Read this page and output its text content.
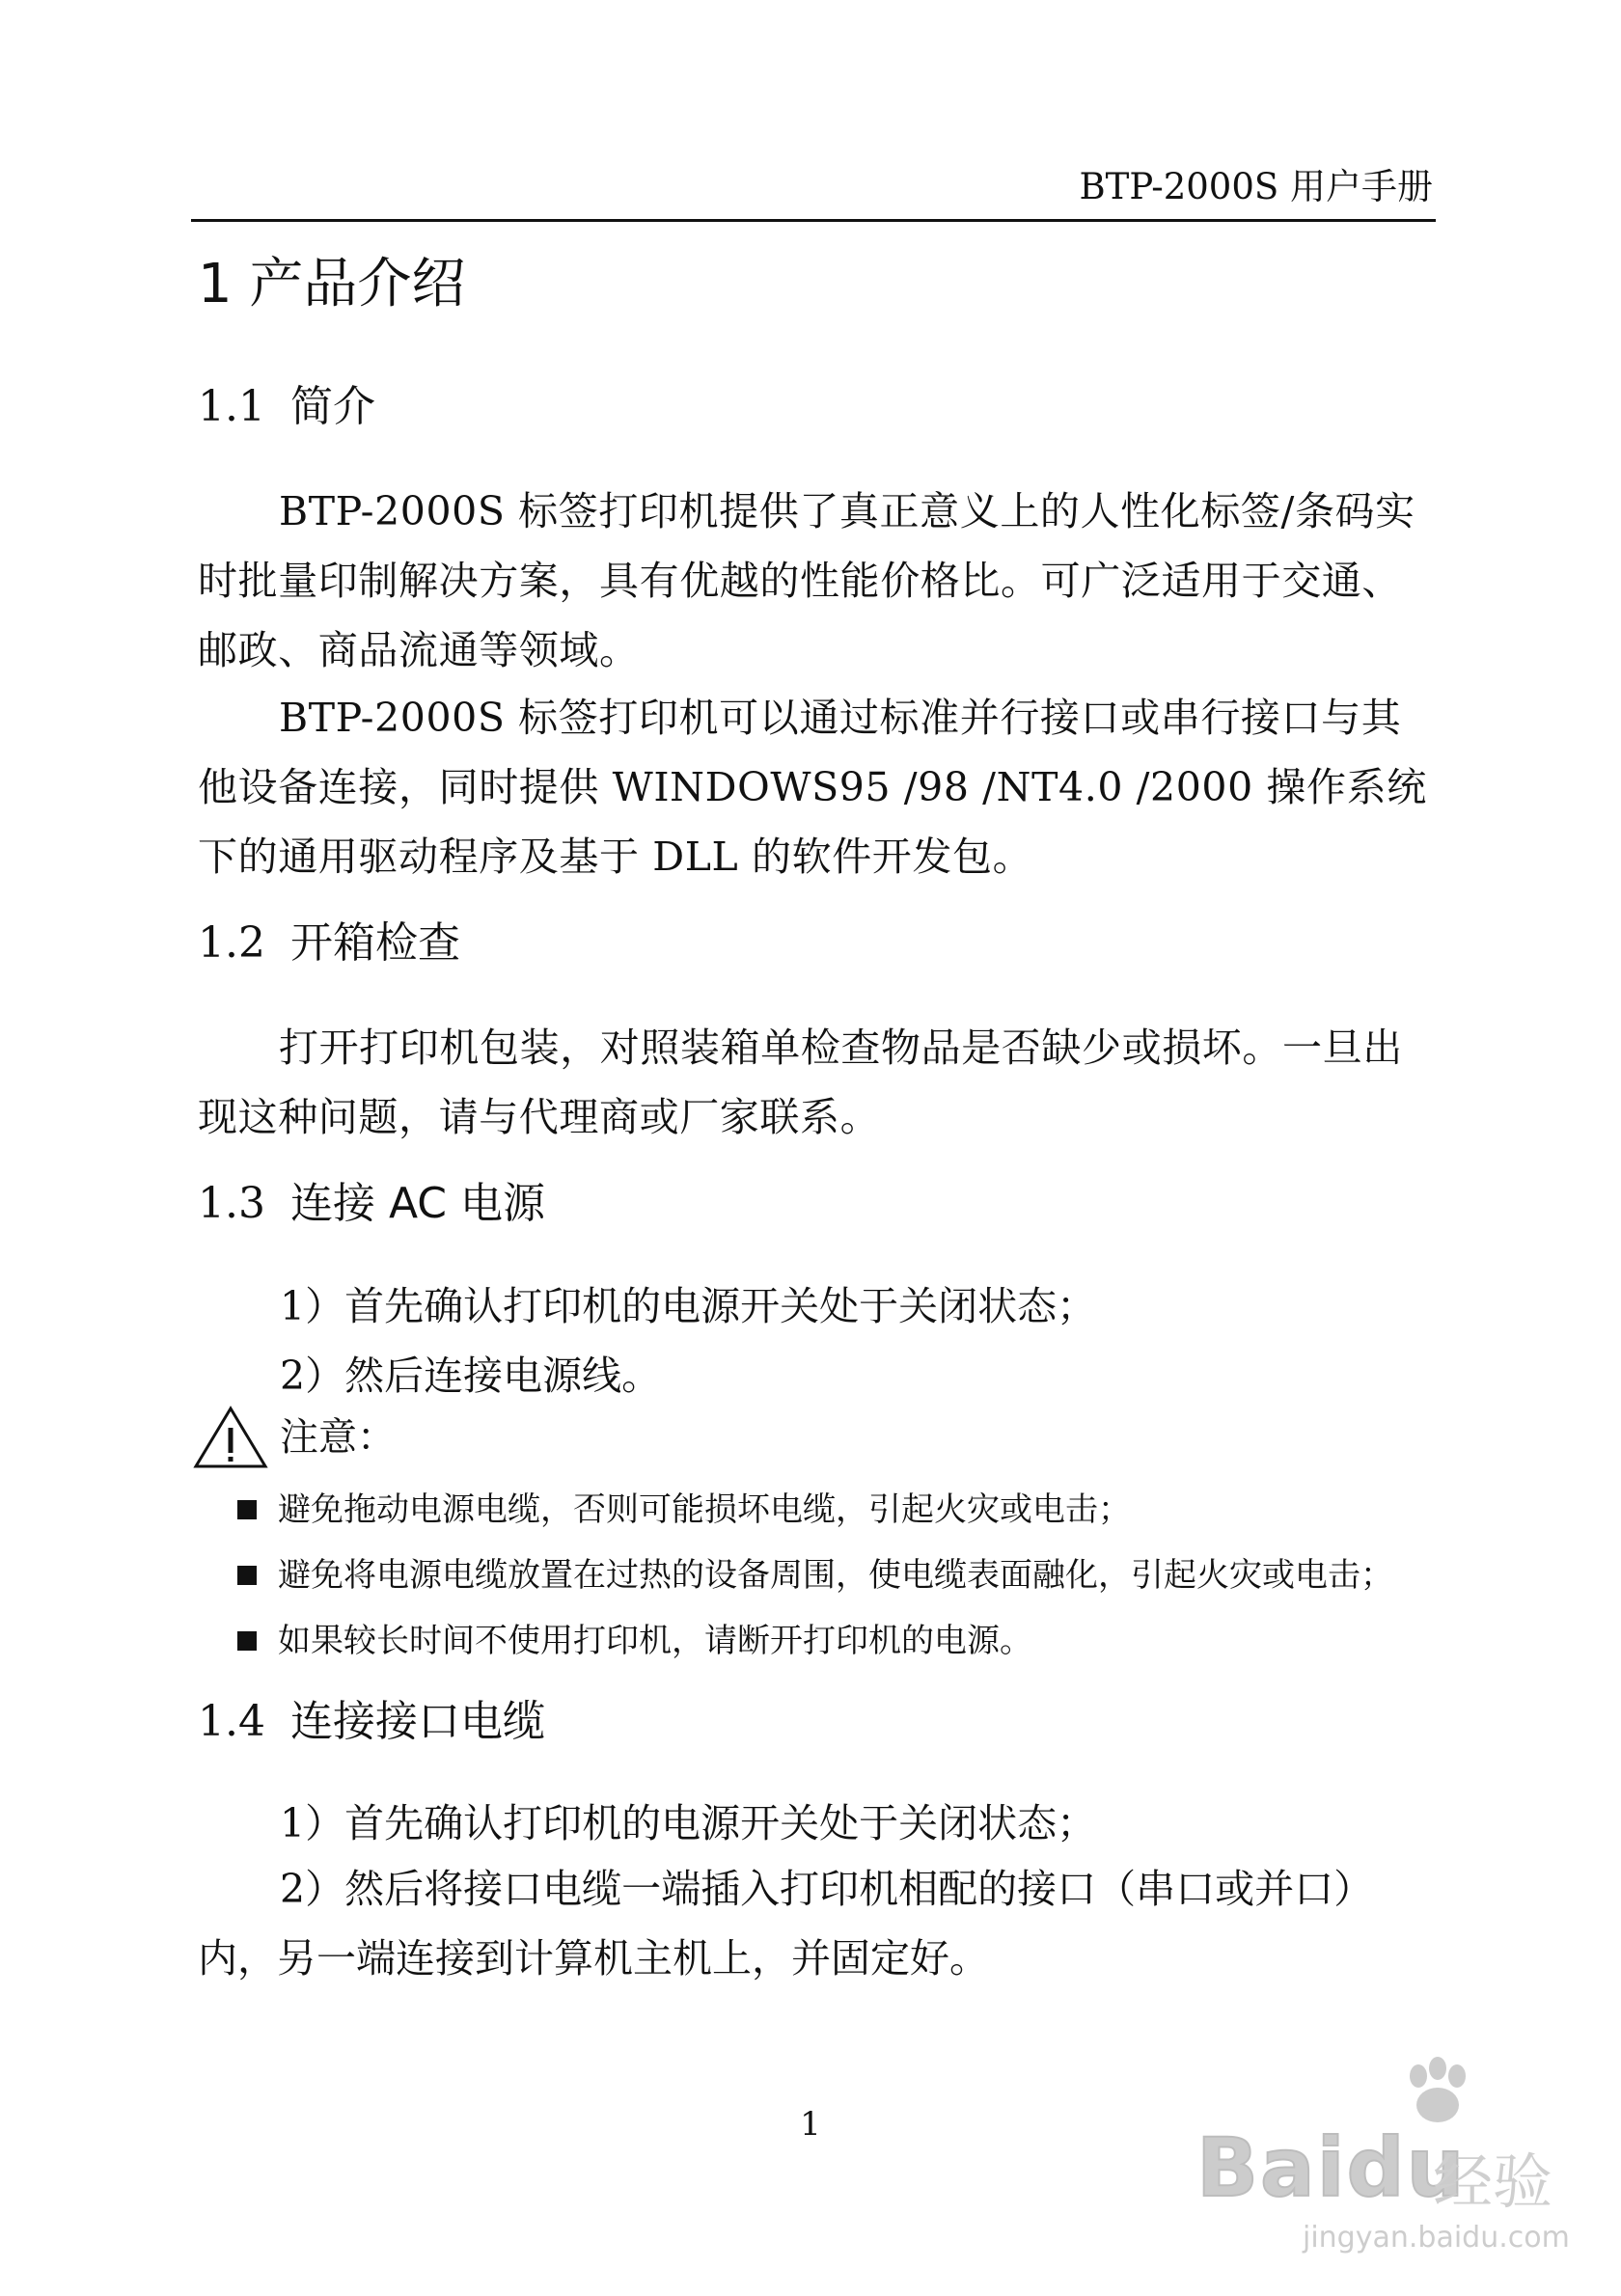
BTP-2000S 用户手册
1 产品介绍
1.1 简介

BTP-2000S 标签打印机提供了真正意义上的人性化标签/条码实时批量印制解决方案，具有优越的性能价格比。可广泛适用于交通、邮政、商品流通等领域。

BTP-2000S 标签打印机可以通过标准并行接口或串行接口与其他设备连接，同时提供 WINDOWS95 /98 /NT4.0 /2000 操作系统下的通用驱动程序及基于 DLL 的软件开发包。

1.2 开箱检查

打开打印机包装，对照装箱单检查物品是否缺少或损坏。一旦出现这种问题，请与代理商或厂家联系。

1.3 连接 AC 电源
1）首先确认打印机的电源开关处于关闭状态；
2）然后连接电源线。
注意：
避免拖动电源电缆，否则可能损坏电缆，引起火灾或电击；
避免将电源电缆放置在过热的设备周围，使电缆表面融化，引起火灾或电击；
如果较长时间不使用打印机，请断开打印机的电源。
1.4 连接接口电缆
1）首先确认打印机的电源开关处于关闭状态；

2）然后将接口电缆一端插入打印机相配的接口（串口或并口）内，另一端连接到计算机主机上，并固定好。

1	Baidu
经验
jingyan.baidu.com
